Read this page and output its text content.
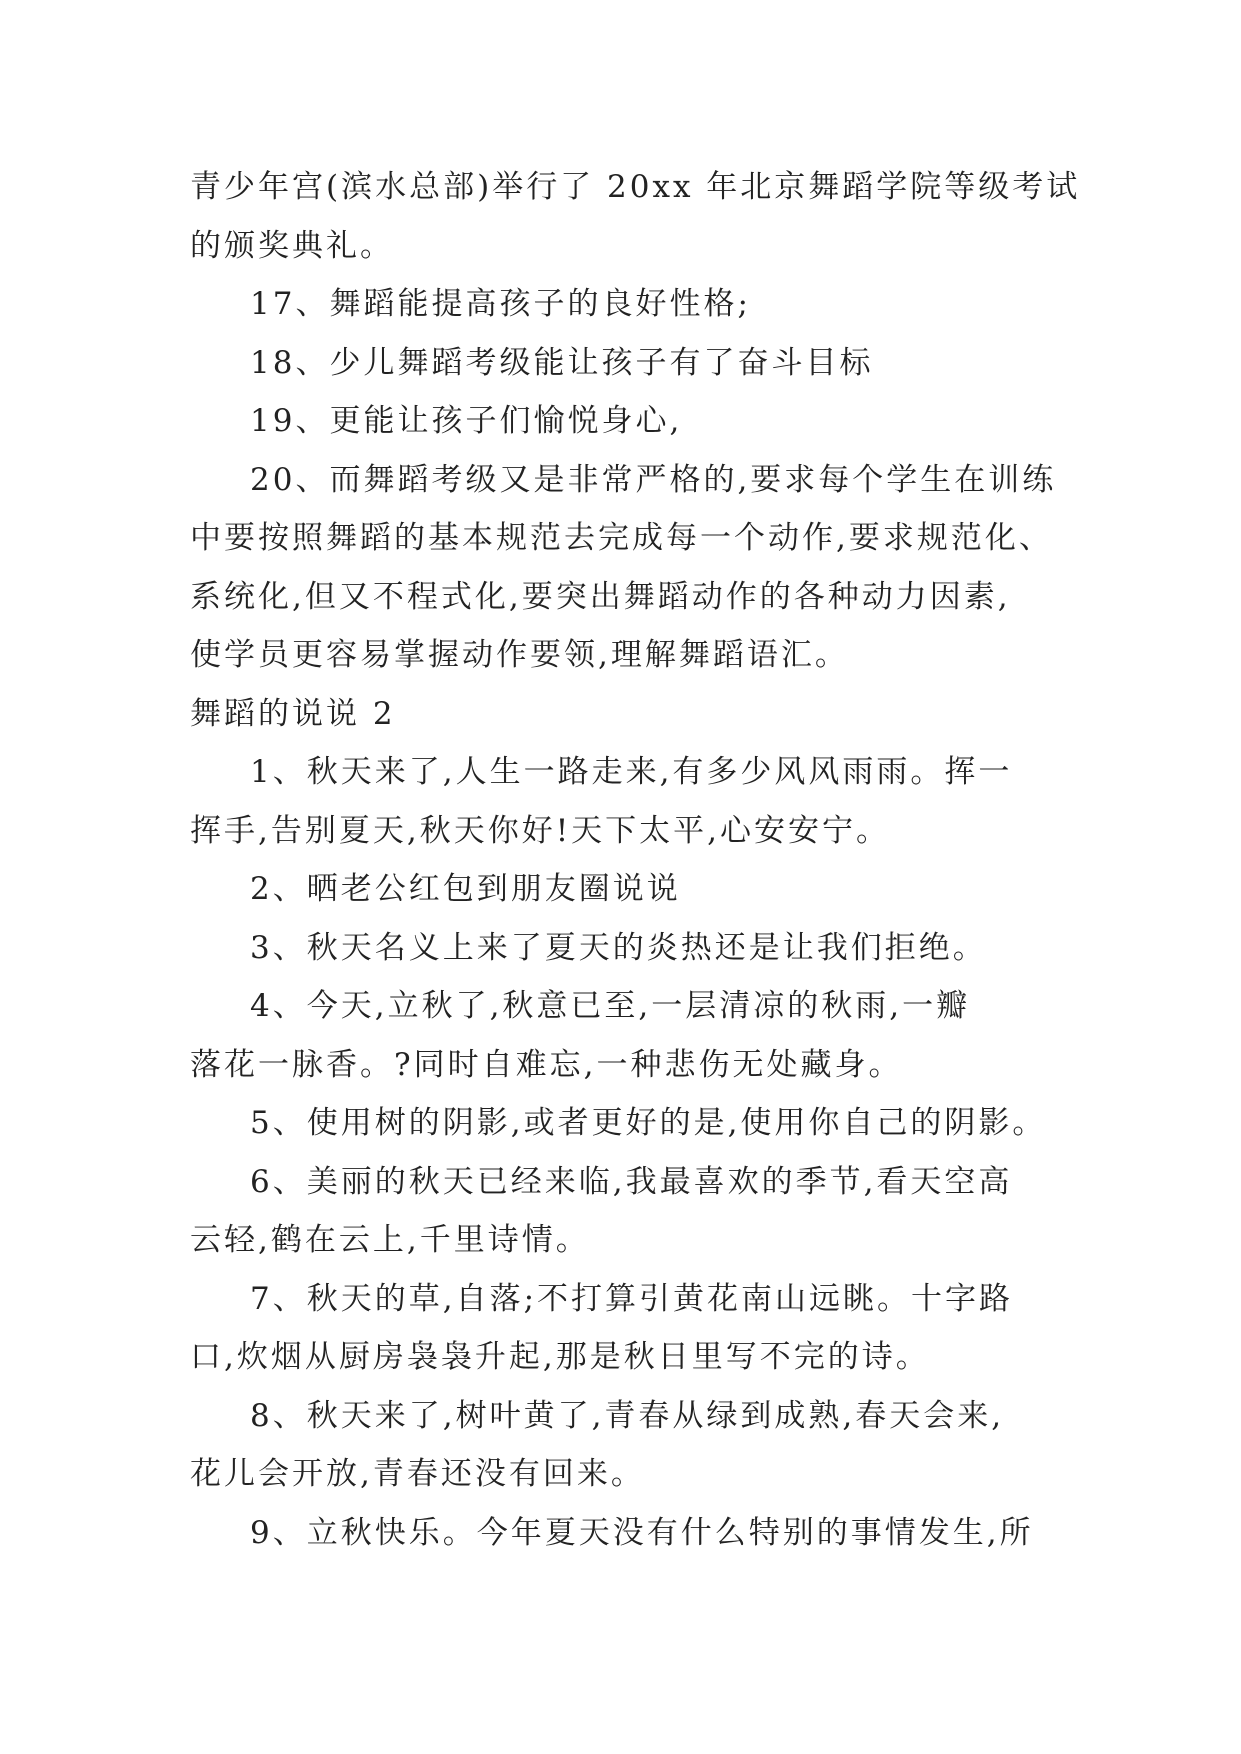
青少年宫(滨水总部)举行了 20xx 年北京舞蹈学院等级考试

的颁奖典礼。

17、舞蹈能提高孩子的良好性格;

18、少儿舞蹈考级能让孩子有了奋斗目标

19、更能让孩子们愉悦身心,

20、而舞蹈考级又是非常严格的,要求每个学生在训练

中要按照舞蹈的基本规范去完成每一个动作,要求规范化、

系统化,但又不程式化,要突出舞蹈动作的各种动力因素,

使学员更容易掌握动作要领,理解舞蹈语汇。

舞蹈的说说 2

1、秋天来了,人生一路走来,有多少风风雨雨。挥一

挥手,告别夏天,秋天你好!天下太平,心安安宁。

2、晒老公红包到朋友圈说说

3、秋天名义上来了夏天的炎热还是让我们拒绝。

4、今天,立秋了,秋意已至,一层清凉的秋雨,一瓣

落花一脉香。?同时自难忘,一种悲伤无处藏身。

5、使用树的阴影,或者更好的是,使用你自己的阴影。

6、美丽的秋天已经来临,我最喜欢的季节,看天空高

云轻,鹤在云上,千里诗情。

7、秋天的草,自落;不打算引黄花南山远眺。十字路

口,炊烟从厨房袅袅升起,那是秋日里写不完的诗。

8、秋天来了,树叶黄了,青春从绿到成熟,春天会来,

花儿会开放,青春还没有回来。

9、立秋快乐。今年夏天没有什么特别的事情发生,所
